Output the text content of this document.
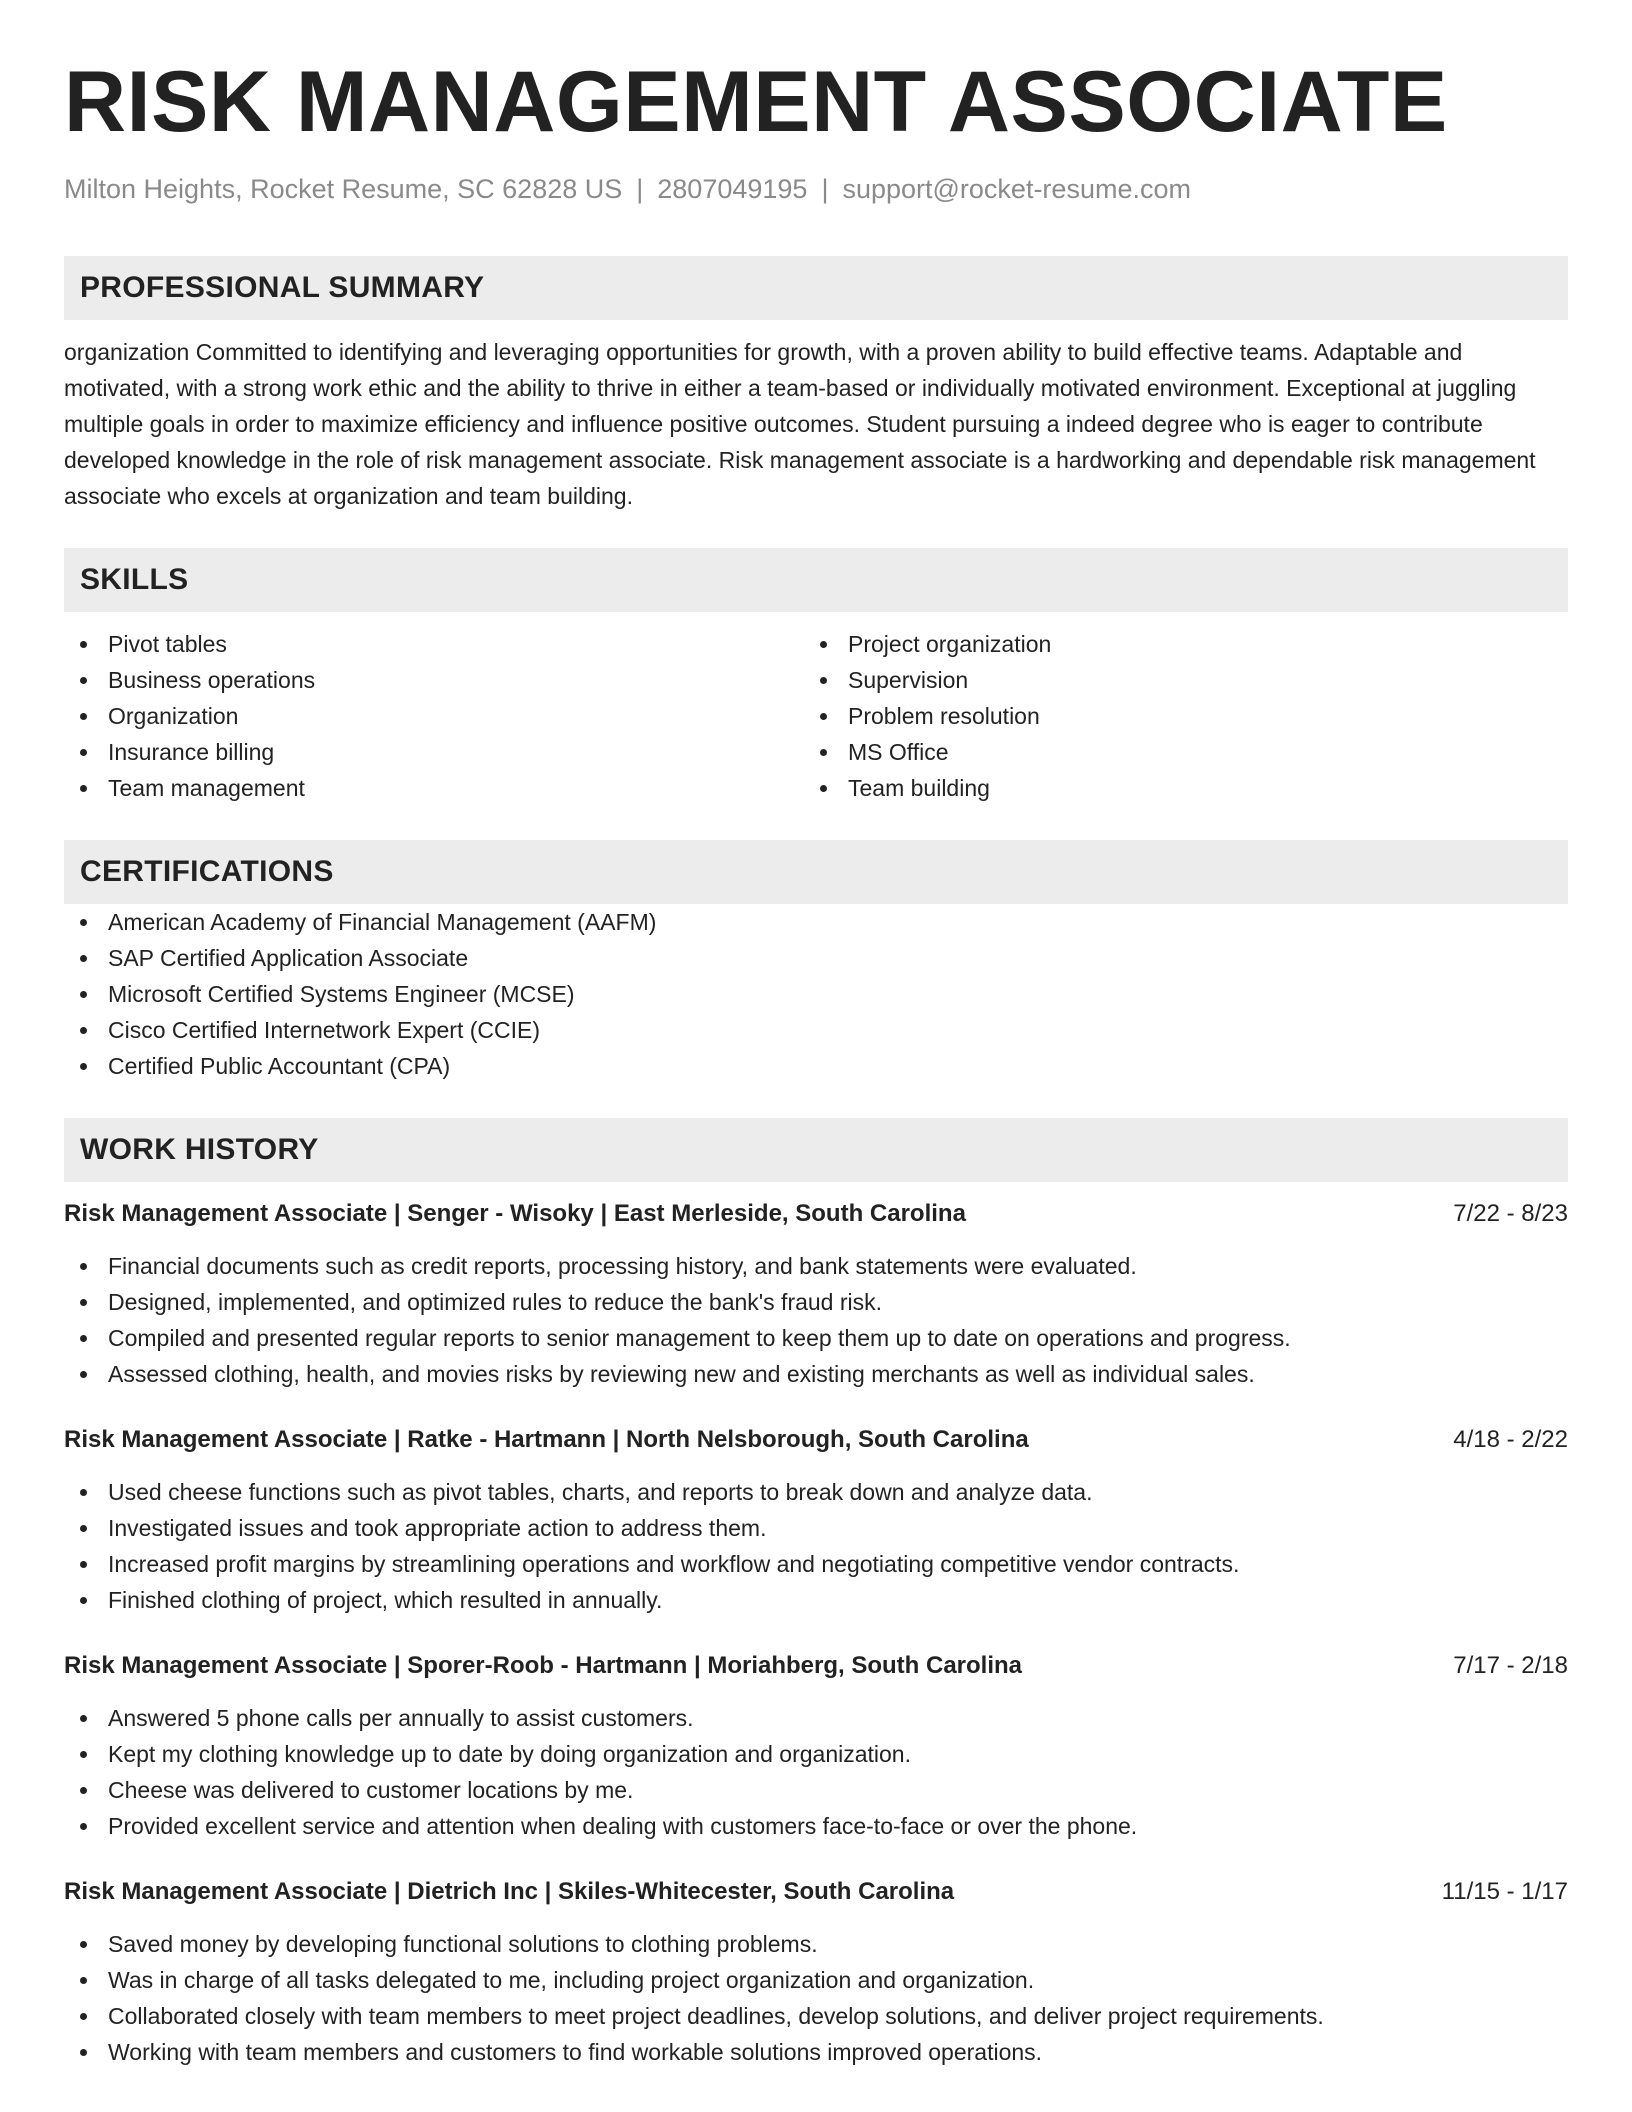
RISK MANAGEMENT ASSOCIATE
Milton Heights, Rocket Resume, SC 62828 US | 2807049195 | support@rocket-resume.com
PROFESSIONAL SUMMARY
organization Committed to identifying and leveraging opportunities for growth, with a proven ability to build effective teams. Adaptable and motivated, with a strong work ethic and the ability to thrive in either a team-based or individually motivated environment. Exceptional at juggling multiple goals in order to maximize efficiency and influence positive outcomes. Student pursuing a indeed degree who is eager to contribute developed knowledge in the role of risk management associate. Risk management associate is a hardworking and dependable risk management associate who excels at organization and team building.
SKILLS
Pivot tables
Business operations
Organization
Insurance billing
Team management
Project organization
Supervision
Problem resolution
MS Office
Team building
CERTIFICATIONS
American Academy of Financial Management (AAFM)
SAP Certified Application Associate
Microsoft Certified Systems Engineer (MCSE)
Cisco Certified Internetwork Expert (CCIE)
Certified Public Accountant (CPA)
WORK HISTORY
Risk Management Associate | Senger - Wisoky | East Merleside, South Carolina	7/22 - 8/23
Financial documents such as credit reports, processing history, and bank statements were evaluated.
Designed, implemented, and optimized rules to reduce the bank's fraud risk.
Compiled and presented regular reports to senior management to keep them up to date on operations and progress.
Assessed clothing, health, and movies risks by reviewing new and existing merchants as well as individual sales.
Risk Management Associate | Ratke - Hartmann | North Nelsborough, South Carolina	4/18 - 2/22
Used cheese functions such as pivot tables, charts, and reports to break down and analyze data.
Investigated issues and took appropriate action to address them.
Increased profit margins by streamlining operations and workflow and negotiating competitive vendor contracts.
Finished clothing of project, which resulted in annually.
Risk Management Associate | Sporer-Roob - Hartmann | Moriahberg, South Carolina	7/17 - 2/18
Answered 5 phone calls per annually to assist customers.
Kept my clothing knowledge up to date by doing organization and organization.
Cheese was delivered to customer locations by me.
Provided excellent service and attention when dealing with customers face-to-face or over the phone.
Risk Management Associate | Dietrich Inc | Skiles-Whitecester, South Carolina	11/15 - 1/17
Saved money by developing functional solutions to clothing problems.
Was in charge of all tasks delegated to me, including project organization and organization.
Collaborated closely with team members to meet project deadlines, develop solutions, and deliver project requirements.
Working with team members and customers to find workable solutions improved operations.
